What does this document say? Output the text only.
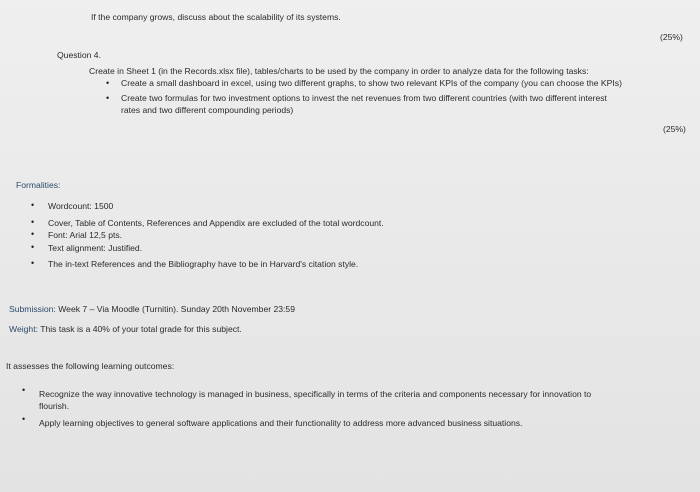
If the company grows, discuss about the scalability of its systems.
(25%)
Question 4.
Create in Sheet 1 (in the Records.xlsx file), tables/charts to be used by the company in order to analyze data for the following tasks:
• Create a small dashboard in excel, using two different graphs, to show two relevant KPIs of the company (you can choose the KPIs)
• Create two formulas for two investment options to invest the net revenues from two different countries (with two different interest
rates and two different compounding periods)
(25%)
Formalities:
• Wordcount: 1500
• Cover, Table of Contents, References and Appendix are excluded of the total wordcount.
• Font: Arial 12,5 pts.
• Text alignment: Justified.
• The in-text References and the Bibliography have to be in Harvard's citation style.
Submission: Week 7 – Via Moodle (Turnitin). Sunday 20th November 23:59
Weight: This task is a 40% of your total grade for this subject.
It assesses the following learning outcomes:
• Recognize the way innovative technology is managed in business, specifically in terms of the criteria and components necessary for innovation to
flourish.
• Apply learning objectives to general software applications and their functionality to address more advanced business situations.
